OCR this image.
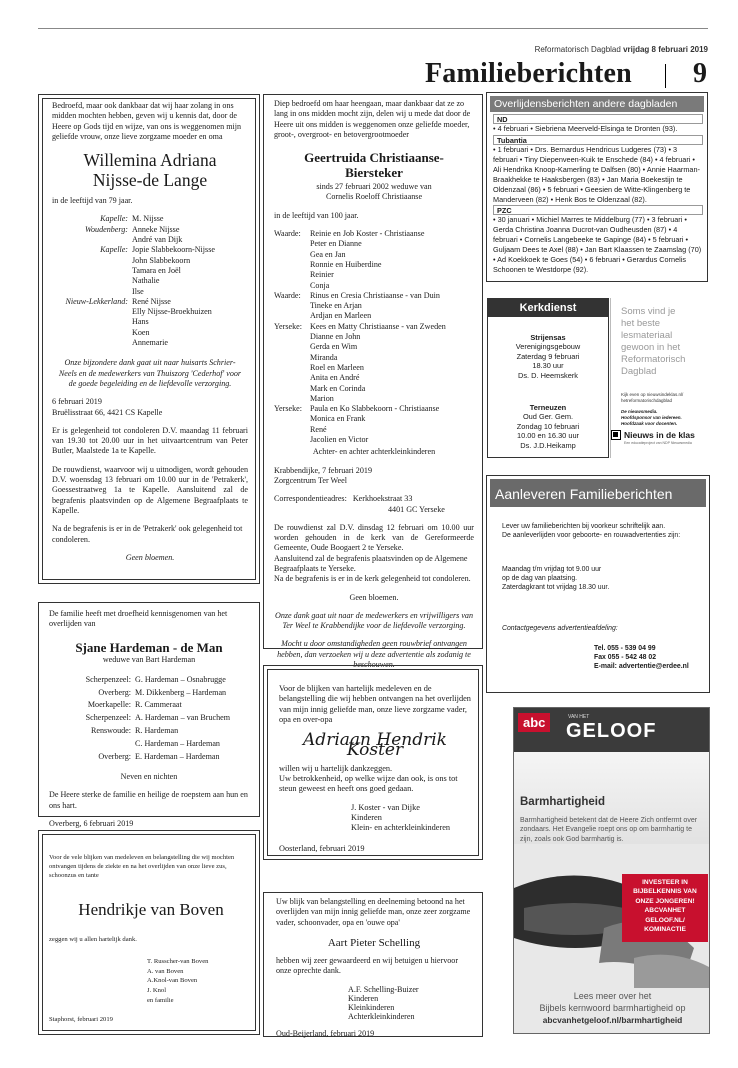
Reformatorisch Dagblad vrijdag 8 februari 2019
Familieberichten 9

Bedroefd, maar ook dankbaar dat wij haar zolang in ons midden mochten hebben, geven wij u kennis dat, door de Heere op Gods tijd en wijze, van ons is weggenomen mijn geliefde vrouw, onze lieve zorgzame moeder en oma

Willemina Adriana
Nijsse-de Lange

in de leeftijd van 79 jaar.

Kapelle: M. Nijsse
Woudenberg: Anneke Nijsse
André van Dijk
Kapelle: Jopie Slabbekoorn-Nijsse
John Slabbekoorn
Tamara en Joël
Nathalie
Ilse
Nieuw-Lekkerland: René Nijsse
Elly Nijsse-Broekhuizen
Hans
Koen
Annemarie

Onze bijzondere dank gaat uit naar huisarts Schrier-Neels en de medewerkers van Thuiszorg 'Cederhof' voor de goede begeleiding en de liefdevolle verzorging.

6 februari 2019

Bruëlisstraat 66, 4421 CS Kapelle

Er is gelegenheid tot condoleren D.V. maandag 11 februari van 19.30 tot 20.00 uur in het uitvaartcentrum van Peter Butler, Maalstede 1a te Kapelle.

De rouwdienst, waarvoor wij u uitnodigen, wordt gehouden D.V. woensdag 13 februari om 10.00 uur in de 'Petrakerk', Goessestraatweg 1a te Kapelle. Aansluitend zal de begrafenis plaatsvinden op de Algemene Begraafplaats te Kapelle.

Na de begrafenis is er in de 'Petrakerk' ook gelegenheid tot condoleren.

Geen bloemen.

Diep bedroefd om haar heengaan, maar dankbaar dat ze zo lang in ons midden mocht zijn, delen wij u mede dat door de Heere uit ons midden is weggenomen onze geliefde moeder, groot-, overgroot- en betovergrootmoeder

Geertruida Christiaanse-
Biersteker
sinds 27 februari 2002 weduwe van
Cornelis Roeloff Christiaanse

in de leeftijd van 100 jaar.

Waarde:	Reinie en Job Koster - Christiaanse
Peter en Dianne
Gea en Jan
Ronnie en Huiberdine
Reinier
Conja
Waarde:	Rinus en Cresia Christiaanse - van Duin
Tineke en Arjan
Ardjan en Marleen
Yerseke: Kees en Matty Christiaanse - van Zweden
Dianne en John
Gerda en Wim
Miranda
Roel en Marleen
Anita en André
Mark en Corinda
Marion
Yerseke: Paula en Ko Slabbekoorn - Christiaanse
Monica en Frank
René
Jacolien en Victor

Achter- en achter achterkleinkinderen

Krabbendijke, 7 februari 2019

Zorgcentrum Ter Weel

Correspondentieadres: Kerkhoekstraat 33

4401 GC Yerseke

De rouwdienst zal D.V. dinsdag 12 februari om 10.00 uur worden gehouden in de kerk van de Gereformeerde Gemeente, Oude Boogaert 2 te Yerseke.
Aansluitend zal de begrafenis plaatsvinden op de Algemene Begraafplaats te Yerseke.

Na de begrafenis is er in de kerk gelegenheid tot condoleren.

Geen bloemen.

Onze dank gaat uit naar de medewerkers en vrijwilligers van Ter Weel te Krabbendijke voor de liefdevolle verzorging.

Mocht u door omstandigheden geen rouwbrief ontvangen hebben, dan verzoeken wij u deze advertentie als zodanig te beschouwen.

De familie heeft met droefheid kennisgenomen van het overlijden van

Sjane Hardeman - de Man

weduwe van Bart Hardeman

Scherpenzeel: G. Hardeman – Osnabrugge
Overberg: M. Dikkenberg – Hardeman
Moerkapelle: R. Cammeraat
Scherpenzeel: A. Hardeman – van Bruchem
Renswoude: R. Hardeman
C. Hardeman – Hardeman
Overberg: E. Hardeman – Hardeman

Neven en nichten

De Heere sterke de familie en heilige de roepstem aan hun en ons hart.

Overberg, 6 februari 2019
Voor de vele blijken van medeleven en belangstelling die wij mochten ontvangen tijdens de ziekte en na het overlijden van onze lieve zus, schoonzus en tante
Hendrikje van Boven
zeggen wij u allen hartelijk dank.
T. Russcher-van Boven
A. van Boven
A.Knol-van Boven
J. Knol
en familie
Staphorst, februari 2019

Voor de blijken van hartelijk medeleven en de belangstelling die wij hebben ontvangen na het overlijden van mijn innig geliefde man, onze lieve zorgzame vader, opa en over-opa

Adriaan Hendrik Koster
willen wij u hartelijk dankzeggen.

Uw betrokkenheid, op welke wijze dan ook, is ons tot steun geweest en heeft ons goed gedaan.

J. Koster - van Dijke
Kinderen
Klein- en achterkleinkinderen
Oosterland, februari 2019

Uw blijk van belangstelling en deelneming betoond na het overlijden van mijn innig geliefde man, onze zeer zorgzame vader, schoonvader, opa en 'ouwe opa'

Aart Pieter Schelling

hebben wij zeer gewaardeerd en wij betuigen u hiervoor onze oprechte dank.

A.F. Schelling-Buizer
Kinderen
Kleinkinderen
Achterkleinkinderen
Oud-Beijerland, februari 2019
Overlijdensberichten andere dagbladen
ND
• 4 februari • Siebriena Meerveld-Elsinga te Dronten (93).
Tubantia
• 1 februari • Drs. Bernardus Hendricus Ludgeres (73) • 3 februari • Tiny Diepenveen-Kuik te Enschede (84) • 4 februari • Ali Hendrika Knoop-Kamerling te Dalfsen (80) • Annie Haarman-Braakhekke te Haaksbergen (83) • Jan Maria Boekestijn te Oldenzaal (86) • 5 februari • Geesien de Witte-Klingenberg te Manderveen (82) • Henk Bos te Oldenzaal (82).
PZC
• 30 januari • Michiel Marres te Middelburg (77) • 3 februari • Gerda Christina Joanna Ducrot-van Oudheusden (87) • 4 februari • Cornelis Langebeeke te Gapinge (84) • 5 februari • Guljaam Dees te Axel (88) • Jan Bart Klaassen te Zaamslag (70) • Ad Koekkoek te Goes (54) • 6 februari • Gerardus Cornelis Schoonen te Westdorpe (92).
Kerkdienst
Strijensas
Verenigingsgebouw
Zaterdag 9 februari
18.30 uur
Ds. D. Heemskerk
Terneuzen
Oud Ger. Gem.
Zondag 10 februari
10.00 en 16.30 uur
Ds. J.D.Heikamp
Soms vind je
het beste
lesmateriaal
gewoon in het
Reformatorisch
Dagblad
Kijk even op nieuwsindeklas.nl/ hetreformatorischdagblad
De nieuwsmedia.
Hoofdsponsor van iedereen.
Hoofdzaak voor docenten.
Nieuws in de klas
Een educatieproject van NDP Nieuwsmedia
Aanleveren Familieberichten
Lever uw familieberichten bij voorkeur schriftelijk aan.
De aanleverlijden voor geboorte- en rouwadvertenties zijn:
Maandag t/m vrijdag tot 9.00 uur
op de dag van plaatsing.
Zaterdagkrant tot vrijdag 18.30 uur.
Contactgegevens advertentieafdeling:
Tel. 055 - 539 04 99
Fax 055 - 542 48 02
E-mail: advertentie@erdee.nl
abc	VAN HET
GELOOF
Barmhartigheid
Barmhartigheid betekent dat de Heere Zich ontfermt over zondaars. Het Evangelie roept ons op om barmhartig te zijn, zoals ook God barmhartig is.
INVESTEER IN
BIJBELKENNIS VAN
ONZE JONGEREN!
ABCVANHET
GELOOF.NL/
KOMINACTIE
Lees meer over het
Bijbels kernwoord barmhartigheid op
abcvanhetgeloof.nl/barmhartigheid
